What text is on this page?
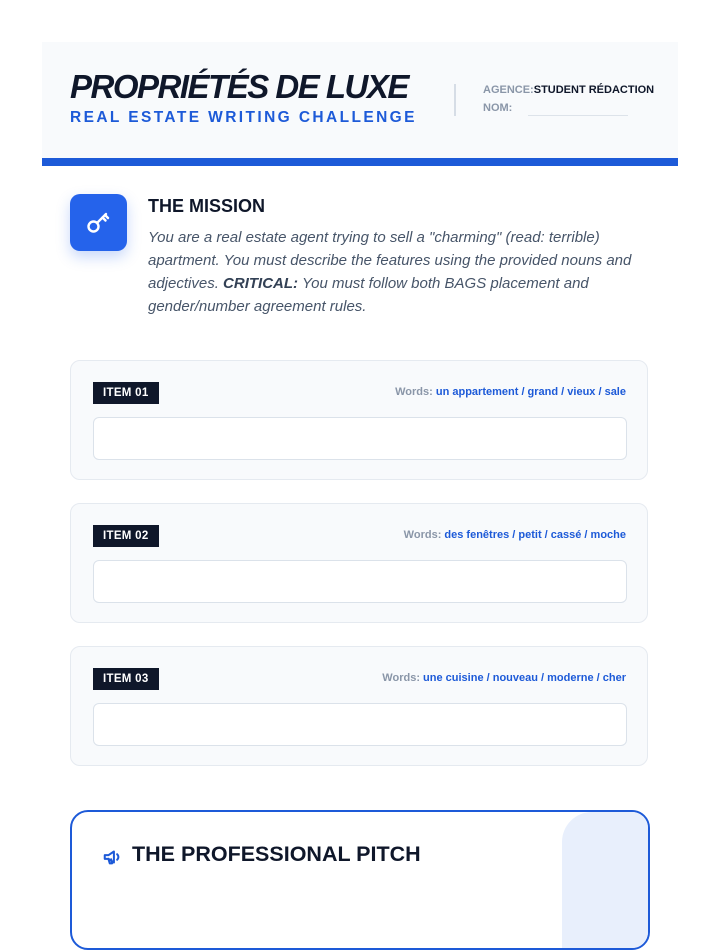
PROPRIÉTÉS DE LUXE
REAL ESTATE WRITING CHALLENGE
AGENCE:STUDENT RÉDACTION
NOM:
THE MISSION

You are a real estate agent trying to sell a "charming" (read: terrible) apartment. You must describe the features using the provided nouns and adjectives. CRITICAL: You must follow both BAGS placement and gender/number agreement rules.

ITEM 01	Words: un appartement / grand / vieux / sale
ITEM 02	Words: des fenêtres / petit / cassé / moche
ITEM 03	Words: une cuisine / nouveau / moderne / cher
THE PROFESSIONAL PITCH
